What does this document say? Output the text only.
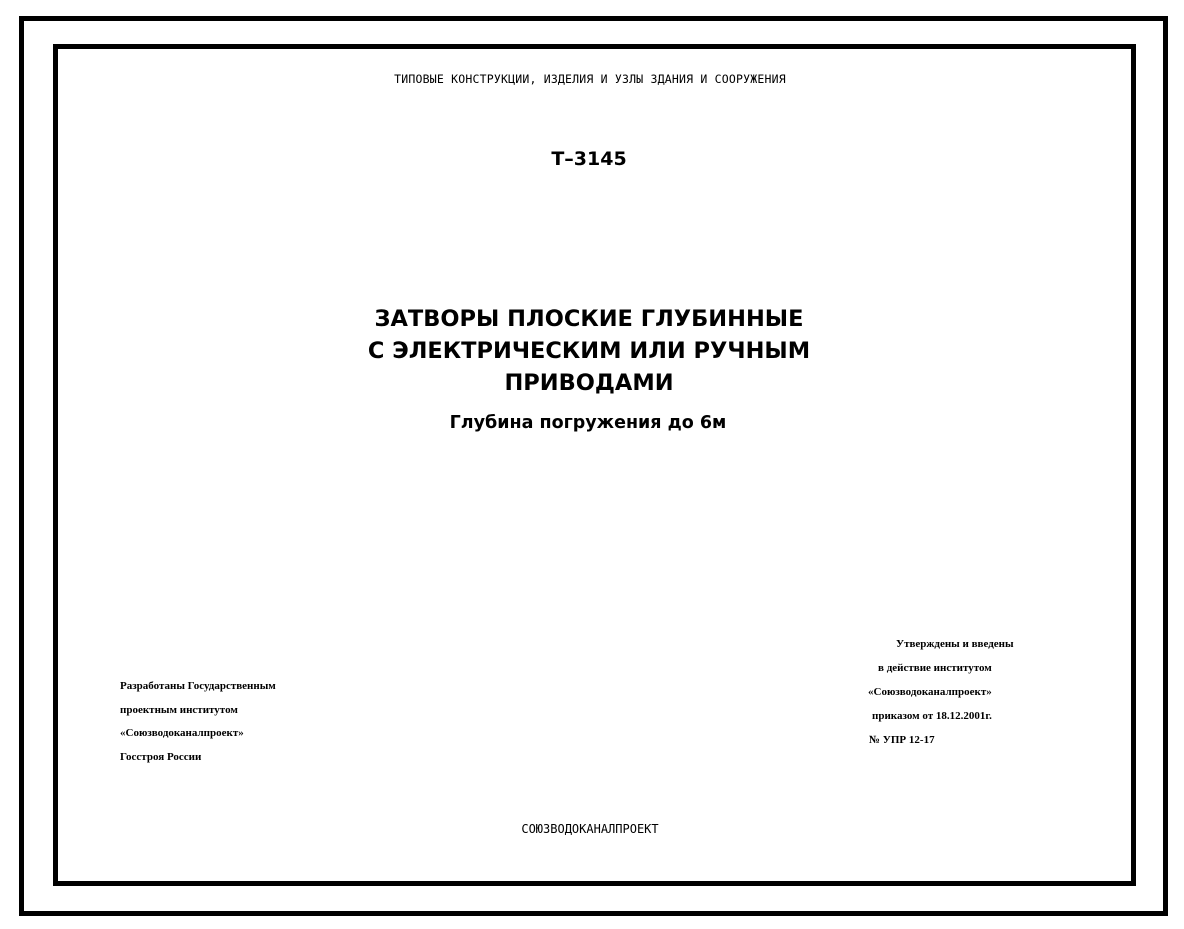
ТИПОВЫЕ КОНСТРУКЦИИ, ИЗДЕЛИЯ И УЗЛЫ ЗДАНИЯ И СООРУЖЕНИЯ
Т–3145
ЗАТВОРЫ ПЛОСКИЕ ГЛУБИННЫЕ
С ЭЛЕКТРИЧЕСКИМ ИЛИ РУЧНЫМ
ПРИВОДАМИ
Глубина погружения до 6м
Разработаны Государственным
проектным институтом
«Союзводоканалпроект»
Госстроя России
Утверждены и введены
в действие институтом
«Союзводоканалпроект»
приказом от 18.12.2001г.
№ УПР 12-17
СОЮЗВОДОКАНАЛПРОЕКТ
